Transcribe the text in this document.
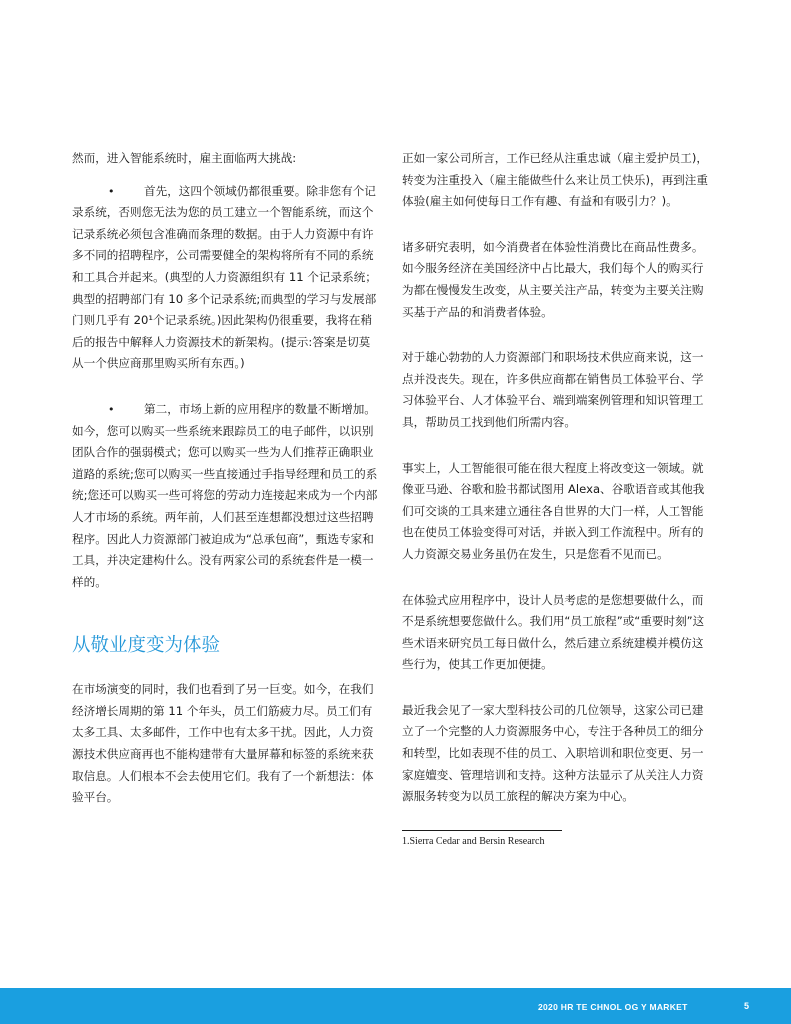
然而，进入智能系统时，雇主面临两大挑战:

•	首先，这四个领域仍都很重要。除非您有个记

录系统，否则您无法为您的员工建立一个智能系统，而这个记录系统必须包含准确而条理的数据。由于人力资源中有许多不同的招聘程序，公司需要健全的架构将所有不同的系统和工具合并起来。(典型的人力资源组织有 11 个记录系统；典型的招聘部门有 10 多个记录系统;而典型的学习与发展部门则几乎有 20¹个记录系统。)因此架构仍很重要，我将在稍后的报告中解释人力资源技术的新架构。(提示:答案是切莫从一个供应商那里购买所有东西。)

•	第二，市场上新的应用程序的数量不断增加。

如今，您可以购买一些系统来跟踪员工的电子邮件，以识别团队合作的强弱模式；您可以购买一些为人们推荐正确职业道路的系统;您可以购买一些直接通过手指导经理和员工的系统;您还可以购买一些可将您的劳动力连接起来成为一个内部人才市场的系统。两年前，人们甚至连想都没想过这些招聘程序。因此人力资源部门被迫成为“总承包商”，甄选专家和工具，并决定建构什么。没有两家公司的系统套件是一模一样的。

从敬业度变为体验

在市场演变的同时，我们也看到了另一巨变。如今，在我们经济增长周期的第 11 个年头，员工们筋疲力尽。员工们有太多工具、太多邮件，工作中也有太多干扰。因此，人力资源技术供应商再也不能构建带有大量屏幕和标签的系统来获取信息。人们根本不会去使用它们。我有了一个新想法：体验平台。

正如一家公司所言，工作已经从注重忠诚（雇主爱护员工)，转变为注重投入（雇主能做些什么来让员工快乐)，再到注重体验(雇主如何使每日工作有趣、有益和有吸引力？)。

诸多研究表明，如今消费者在体验性消费比在商品性费多。如今服务经济在美国经济中占比最大，我们每个人的购买行为都在慢慢发生改变，从主要关注产品，转变为主要关注购买基于产品的和消费者体验。

对于雄心勃勃的人力资源部门和职场技术供应商来说，这一点并没丧失。现在，许多供应商都在销售员工体验平台、学习体验平台、人才体验平台、端到端案例管理和知识管理工具，帮助员工找到他们所需内容。

事实上，人工智能很可能在很大程度上将改变这一领域。就像亚马逊、谷歌和脸书都试图用 Alexa、谷歌语音或其他我们可交谈的工具来建立通往各自世界的大门一样，人工智能也在使员工体验变得可对话，并嵌入到工作流程中。所有的人力资源交易业务虽仍在发生，只是您看不见而已。

在体验式应用程序中，设计人员考虑的是您想要做什么，而不是系统想要您做什么。我们用“员工旅程”或“重要时刻”这些术语来研究员工每日做什么，然后建立系统建模并模仿这些行为，使其工作更加便捷。

最近我会见了一家大型科技公司的几位领导，这家公司已建立了一个完整的人力资源服务中心，专注于各种员工的细分和转型，比如表现不佳的员工、入职培训和职位变更、另一家庭嬗变、管理培训和支持。这种方法显示了从关注人力资源服务转变为以员工旅程的解决方案为中心。

1.Sierra Cedar and Bersin Research

2020 HR TE CHNOL OG Y MARKET	5
